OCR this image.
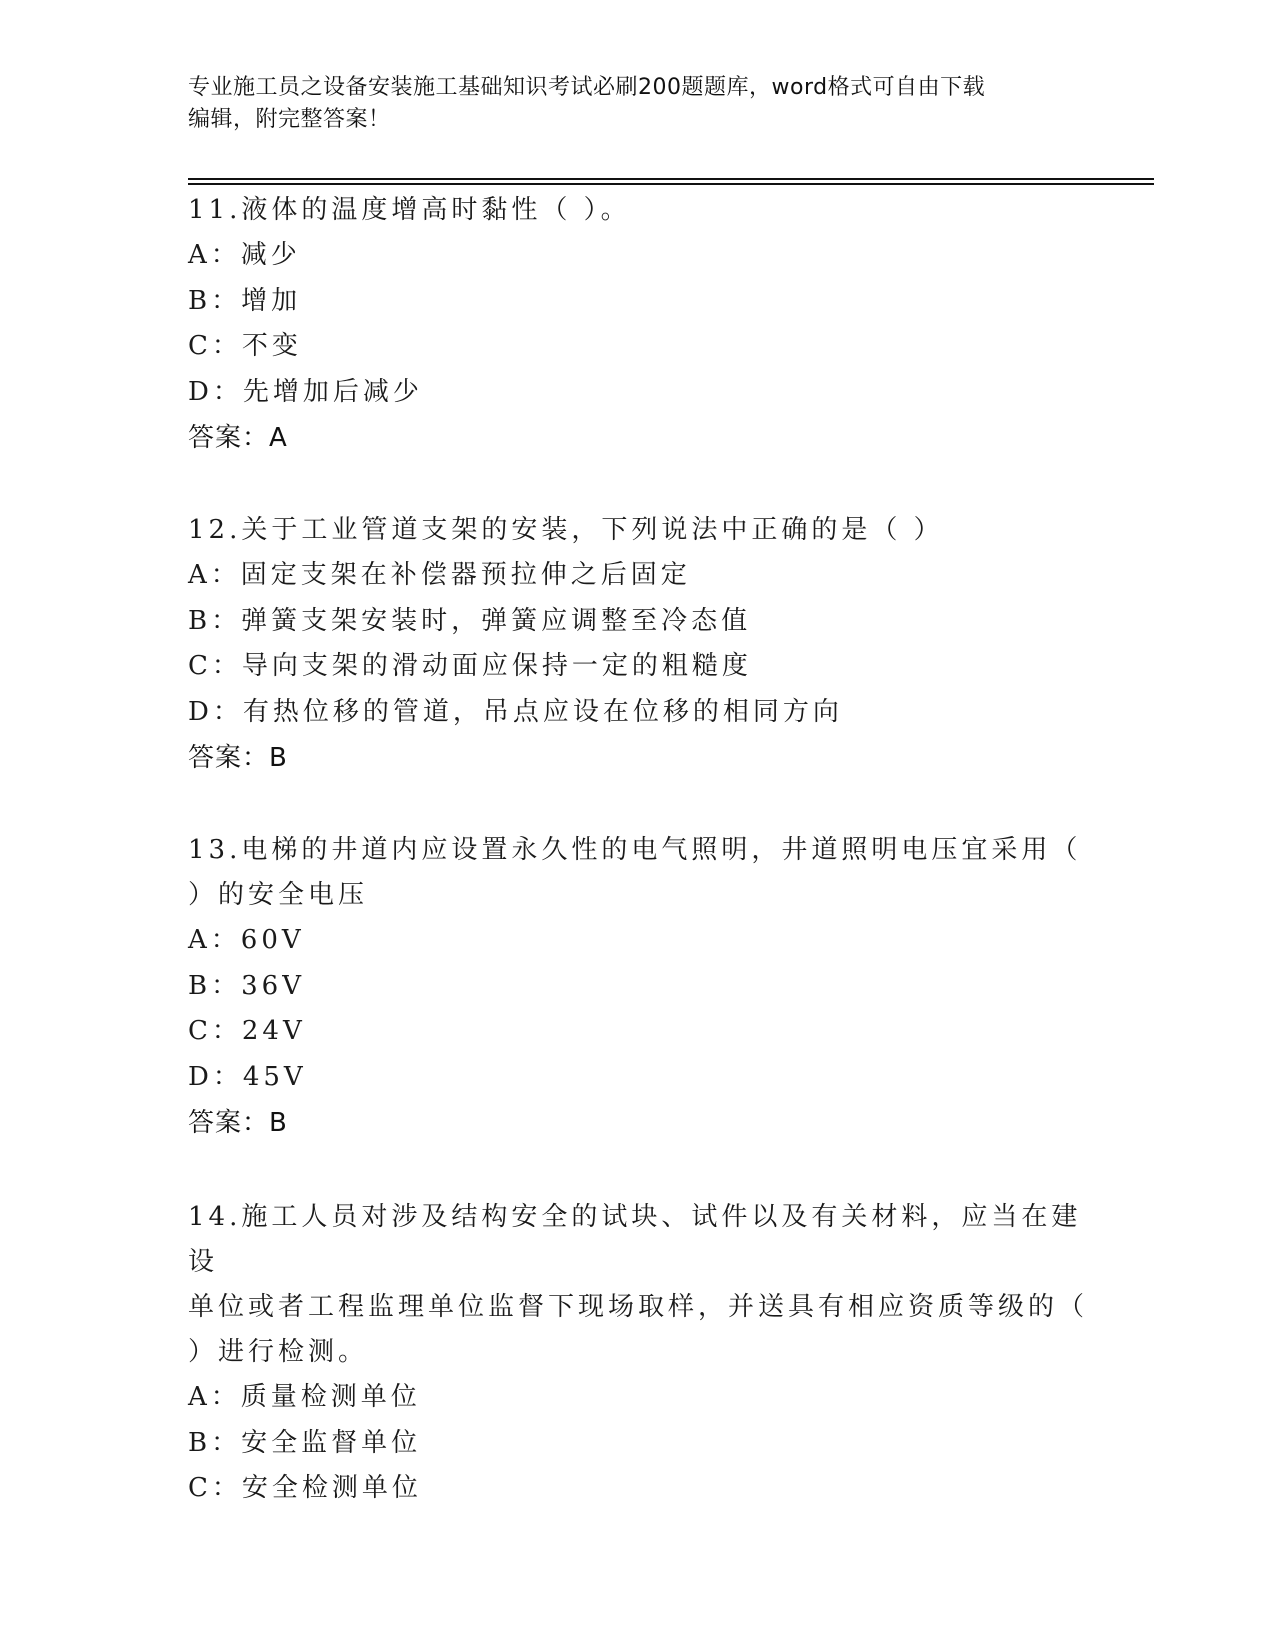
专业施工员之设备安装施工基础知识考试必刷200题题库，word格式可自由下载
编辑，附完整答案！

11.液体的温度增高时黏性（ ）。

A：减少

B：增加

C：不变

D：先增加后减少

答案：A

12.关于工业管道支架的安装，下列说法中正确的是（ ）

A：固定支架在补偿器预拉伸之后固定

B：弹簧支架安装时，弹簧应调整至冷态值

C：导向支架的滑动面应保持一定的粗糙度

D：有热位移的管道，吊点应设在位移的相同方向

答案：B

13.电梯的井道内应设置永久性的电气照明，井道照明电压宜采用（

）的安全电压

A：60V

B：36V

C：24V

D：45V

答案：B

14.施工人员对涉及结构安全的试块、试件以及有关材料，应当在建设

单位或者工程监理单位监督下现场取样，并送具有相应资质等级的（

）进行检测。

A：质量检测单位

B：安全监督单位

C：安全检测单位
